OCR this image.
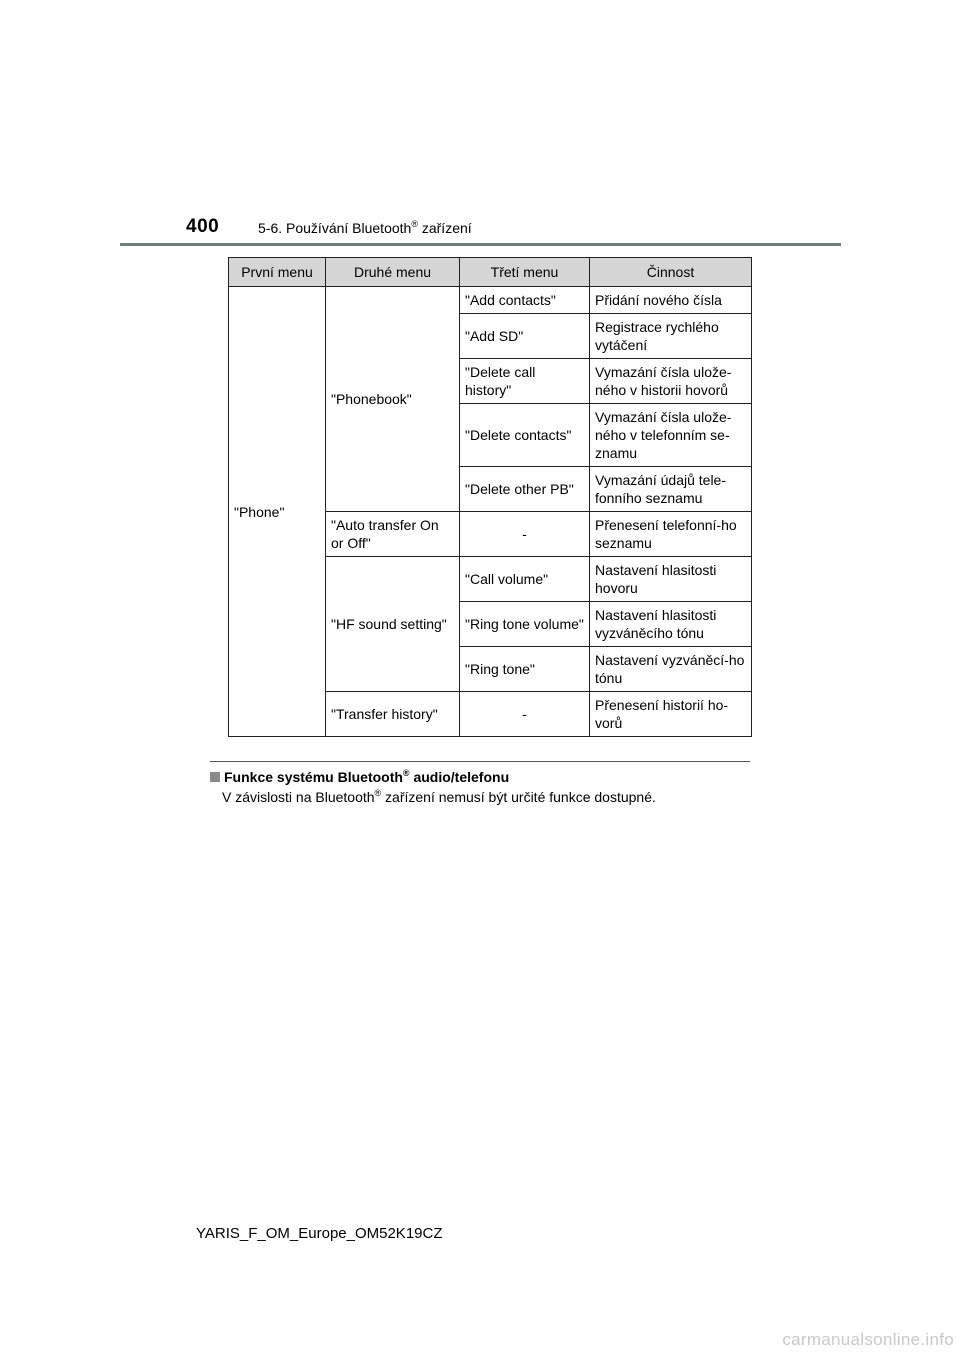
400	5-6. Používání Bluetooth® zařízení
První menu	Druhé menu	Třetí menu	Činnost
"Phone"	"Phonebook"	"Add contacts"	Přidání nového čísla
		"Add SD"	Registrace rychlého vytáčení
		"Delete call history"	Vymazání čísla ulože-ného v historii hovorů
		"Delete contacts"	Vymazání čísla ulože-ného v telefonním se-znamu
		"Delete other PB"	Vymazání údajů tele-fonního seznamu
	"Auto transfer On or Off"	-	Přenesení telefonní-ho seznamu
	"HF sound setting"	"Call volume"	Nastavení hlasitosti hovoru
		"Ring tone volume"	Nastavení hlasitosti vyzváněcího tónu
		"Ring tone"	Nastavení vyzváněcí-ho tónu
	"Transfer history"	-	Přenesení historií ho-vorů
Funkce systému Bluetooth® audio/telefonu
V závislosti na Bluetooth® zařízení nemusí být určité funkce dostupné.
YARIS_F_OM_Europe_OM52K19CZ
carmanualsonline.info
